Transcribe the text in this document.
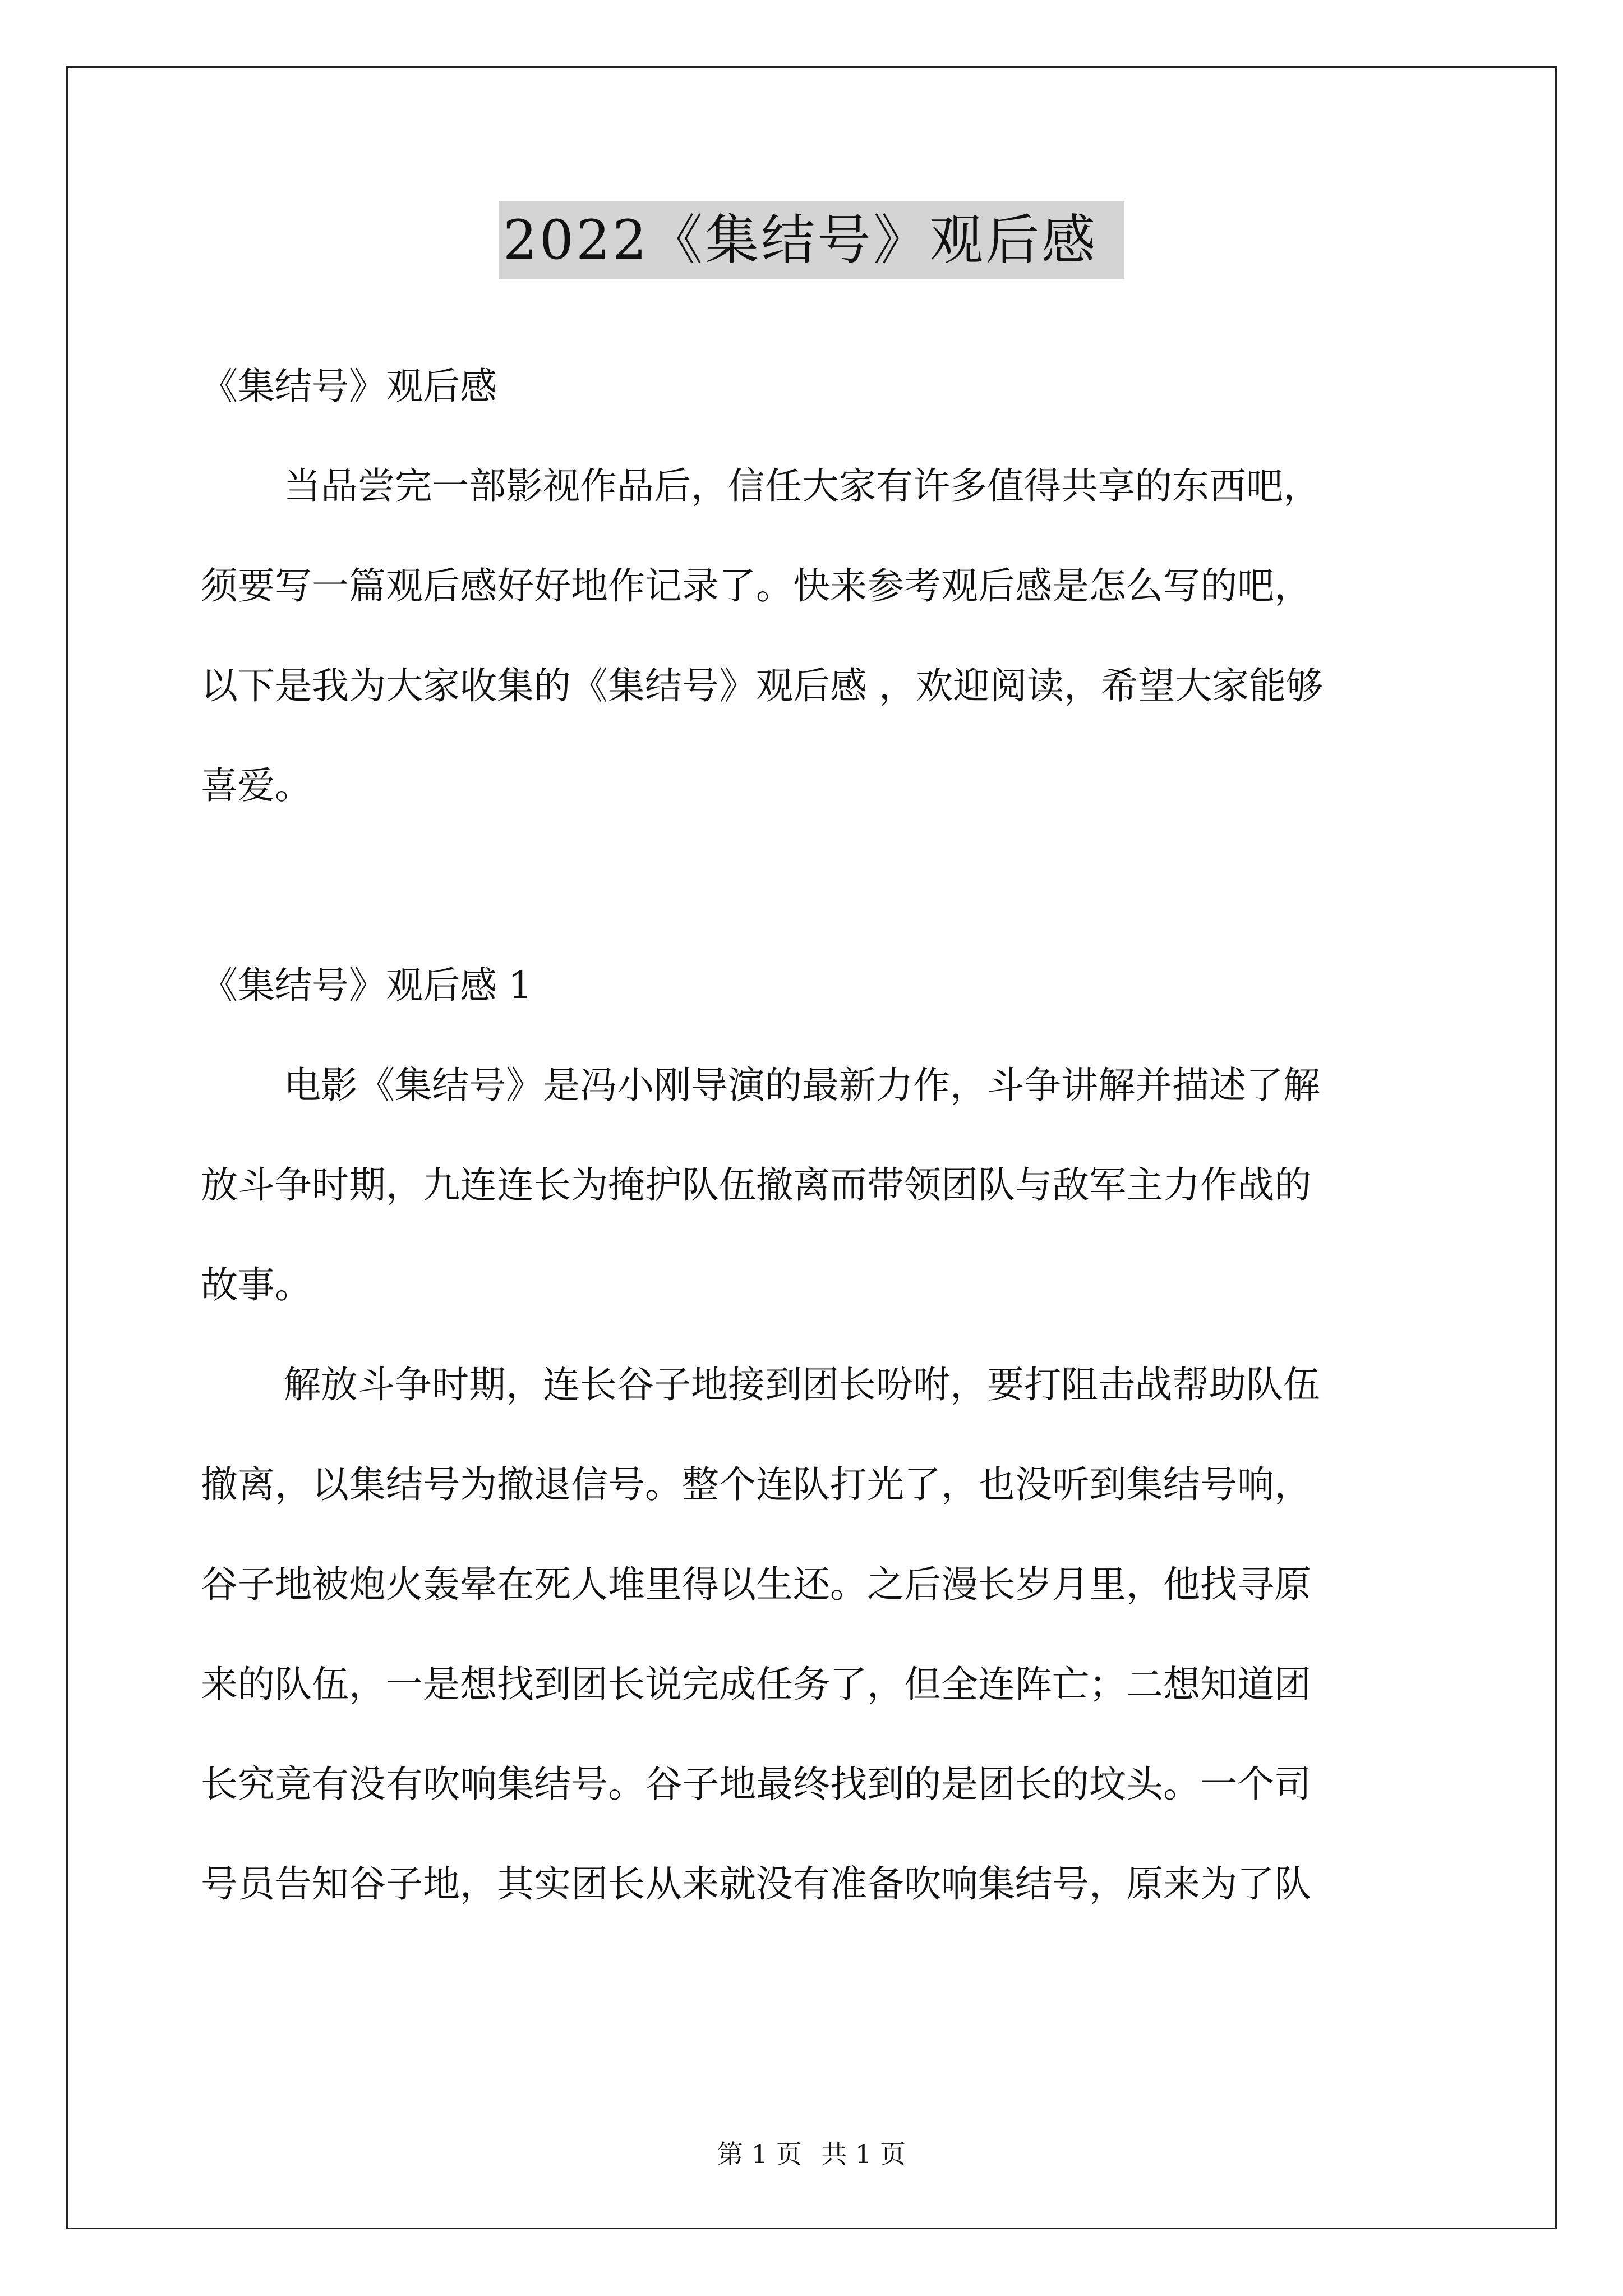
2022《集结号》观后感
《集结号》观后感
当品尝完一部影视作品后，信任大家有许多值得共享的东西吧，
须要写一篇观后感好好地作记录了。快来参考观后感是怎么写的吧，
以下是我为大家收集的《集结号》观后感 ，欢迎阅读，希望大家能够
喜爱。
《集结号》观后感 1
电影《集结号》是冯小刚导演的最新力作，斗争讲解并描述了解
放斗争时期，九连连长为掩护队伍撤离而带领团队与敌军主力作战的
故事。
解放斗争时期，连长谷子地接到团长吩咐，要打阻击战帮助队伍
撤离，以集结号为撤退信号。整个连队打光了，也没听到集结号响，
谷子地被炮火轰晕在死人堆里得以生还。之后漫长岁月里，他找寻原
来的队伍，一是想找到团长说完成任务了，但全连阵亡；二想知道团
长究竟有没有吹响集结号。谷子地最终找到的是团长的坟头。一个司
号员告知谷子地，其实团长从来就没有准备吹响集结号，原来为了队
第 1 页 共 1 页
